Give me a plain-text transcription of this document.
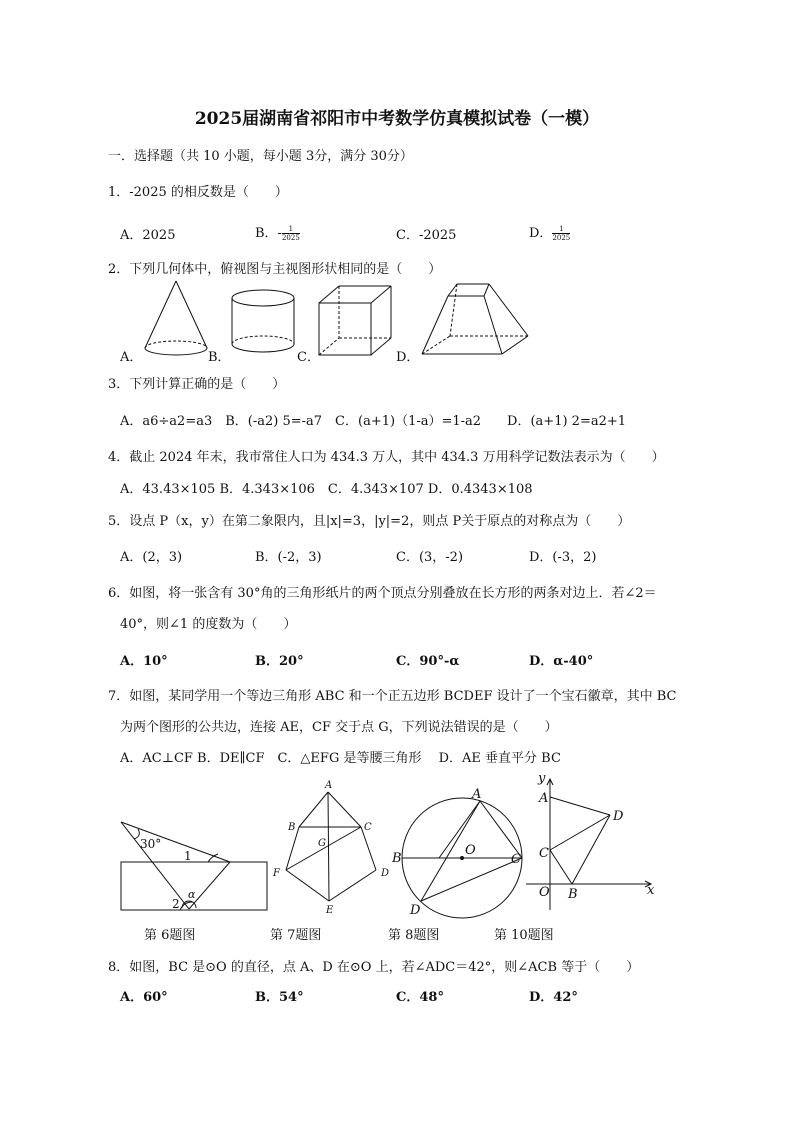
2025届湖南省祁阳市中考数学仿真模拟试卷（一模）
一．选择题（共 10 小题，每小题 3分，满分 30分）
1．-2025 的相反数是（　　）
A．2025	B．- $\frac{1}{2025}$	C．-2025	D． $\frac{1}{2025}$
2．下列几何体中，俯视图与主视图形状相同的是（　　）
A．	B．	C．	D．
3．下列计算正确的是（　　）
A．a6÷a2=a3　B．(-a2) 5=-a7　C．(a+1)（1-a）=1-a2　　D．(a+1) 2=a2+1
4．截止 2024 年末，我市常住人口为 434.3 万人，其中 434.3 万用科学记数法表示为（　　）
A．43.43×105 B．4.343×106　C．4.343×107 D．0.4343×108
5．设点 P（x，y）在第二象限内，且|x|=3，|y|=2，则点 P关于原点的对称点为（　　）
A．(2，3)	B．(-2，3)	C．(3，-2)	D．(-3，2)
6．如图，将一张含有 30°角的三角形纸片的两个顶点分别叠放在长方形的两条对边上．若∠2＝
40°，则∠1 的度数为（　　）
A．10°	B．20°	C．90°-α	D．α-40°
7．如图，某同学用一个等边三角形 ABC 和一个正五边形 BCDEF 设计了一个宝石徽章，其中 BC
为两个图形的公共边，连接 AE，CF 交于点 G，下列说法错误的是（　　）
A．AC⊥CF B．DE∥CF　C．△EFG 是等腰三角形　 D．AE 垂直平分 BC
30°
1
2
α
A
B	C
D
E
F
G
A
B	C
D
O
y
x
A
B
C
D
O
第 6题图	第 7题图	第 8题图	第 10题图
8．如图，BC 是⊙O 的直径，点 A、D 在⊙O 上，若∠ADC＝42°，则∠ACB 等于（　　）
A．60°	B．54°	C．48°	D．42°
